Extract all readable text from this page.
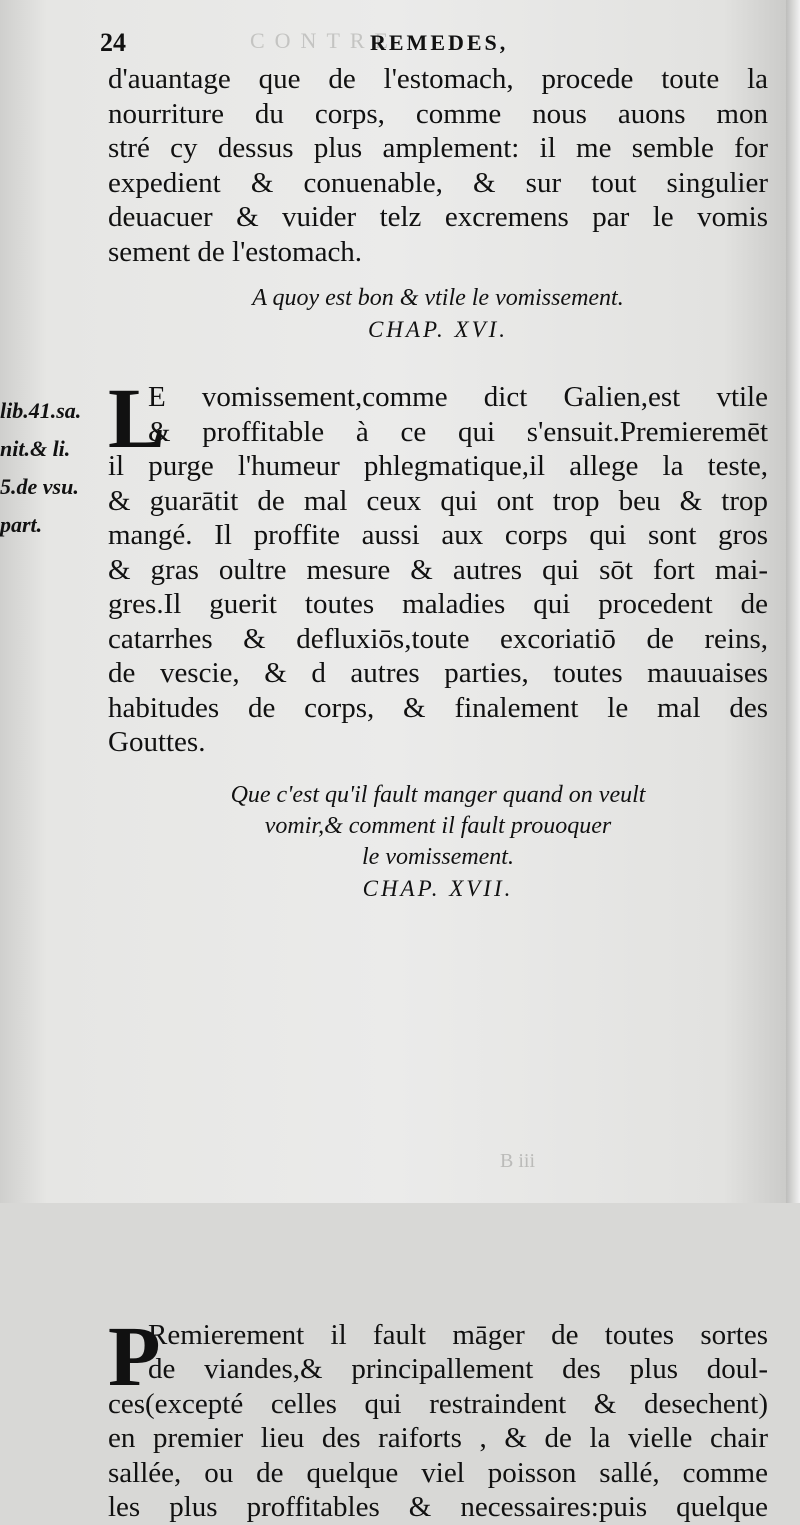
CONTRE
24	REMEDES,
lib.41.sa.
nit.& li.
5.de vsu.
part.
d'auantage que de l'estomach, procede toute la
nourriture du corps, comme nous auons mon
stré cy dessus plus amplement: il me semble for
expedient & conuenable, & sur tout singulier
deuacuer & vuider telz excremens par le vomis
sement de l'estomach.
A quoy est bon & vtile le vomissement.
CHAP. XVI.
L
E vomissement,comme dict Galien,est vtile
& proffitable à ce qui s'ensuit.Premieremēt
il purge l'humeur phlegmatique,il allege la teste,
& guarātit de mal ceux qui ont trop beu & trop
mangé. Il proffite aussi aux corps qui sont gros
& gras oultre mesure & autres qui sōt fort mai-
gres.Il guerit toutes maladies qui procedent de
catarrhes & defluxiōs,toute excoriatiō de reins,
de vescie, & d autres parties, toutes mauuaises
habitudes de corps, & finalement le mal des
Gouttes.
Que c'est qu'il fault manger quand on veult
vomir,& comment il fault prouoquer
le vomissement.
CHAP. XVII.
P
Remierement il fault māger de toutes sortes
de viandes,& principallement des plus doul-
ces(excepté celles qui restraindent & desechent)
en premier lieu des raiforts , & de la vielle chair
sallée, ou de quelque viel poisson sallé, comme
les plus proffitables & necessaires:puis quelque
B iii
